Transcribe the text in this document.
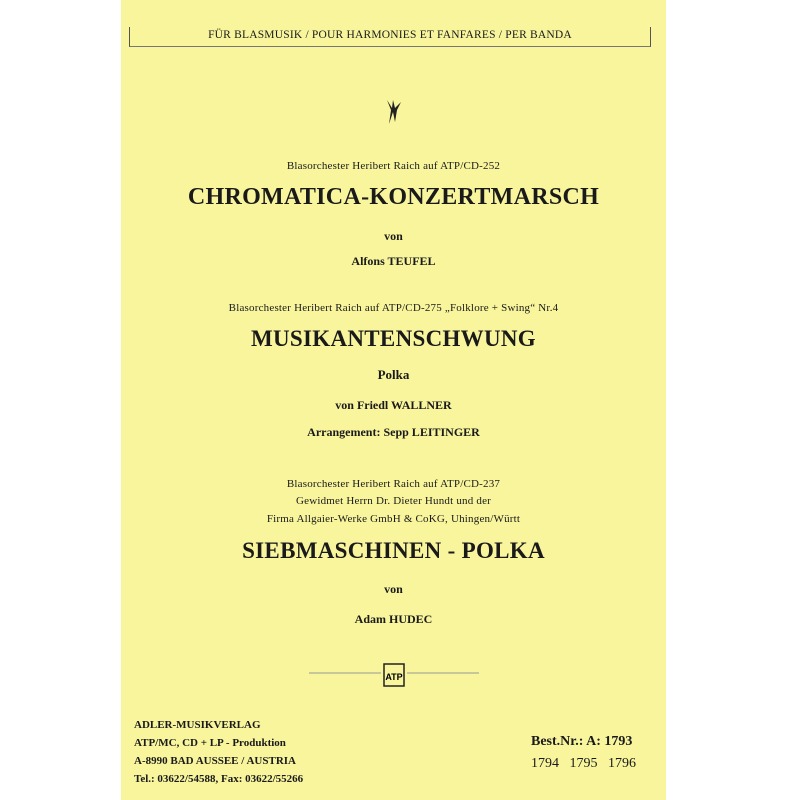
FÜR BLASMUSIK / POUR HARMONIES ET FANFARES / PER BANDA
Blasorchester Heribert Raich auf ATP/CD-252
CHROMATICA-KONZERTMARSCH
von
Alfons TEUFEL
Blasorchester Heribert Raich auf ATP/CD-275 „Folklore + Swing“ Nr.4
MUSIKANTENSCHWUNG
Polka
von Friedl WALLNER
Arrangement: Sepp LEITINGER
Blasorchester Heribert Raich auf ATP/CD-237
Gewidmet Herrn Dr. Dieter Hundt und der
Firma Allgaier-Werke GmbH & CoKG, Uhingen/Württ
SIEBMASCHINEN - POLKA
von
Adam HUDEC
ATP
ADLER-MUSIKVERLAG
ATP/MC, CD + LP - Produktion
A-8990 BAD AUSSEE / AUSTRIA
Tel.: 03622/54588, Fax: 03622/55266
Best.Nr.: A: 1793
1794   1795   1796
